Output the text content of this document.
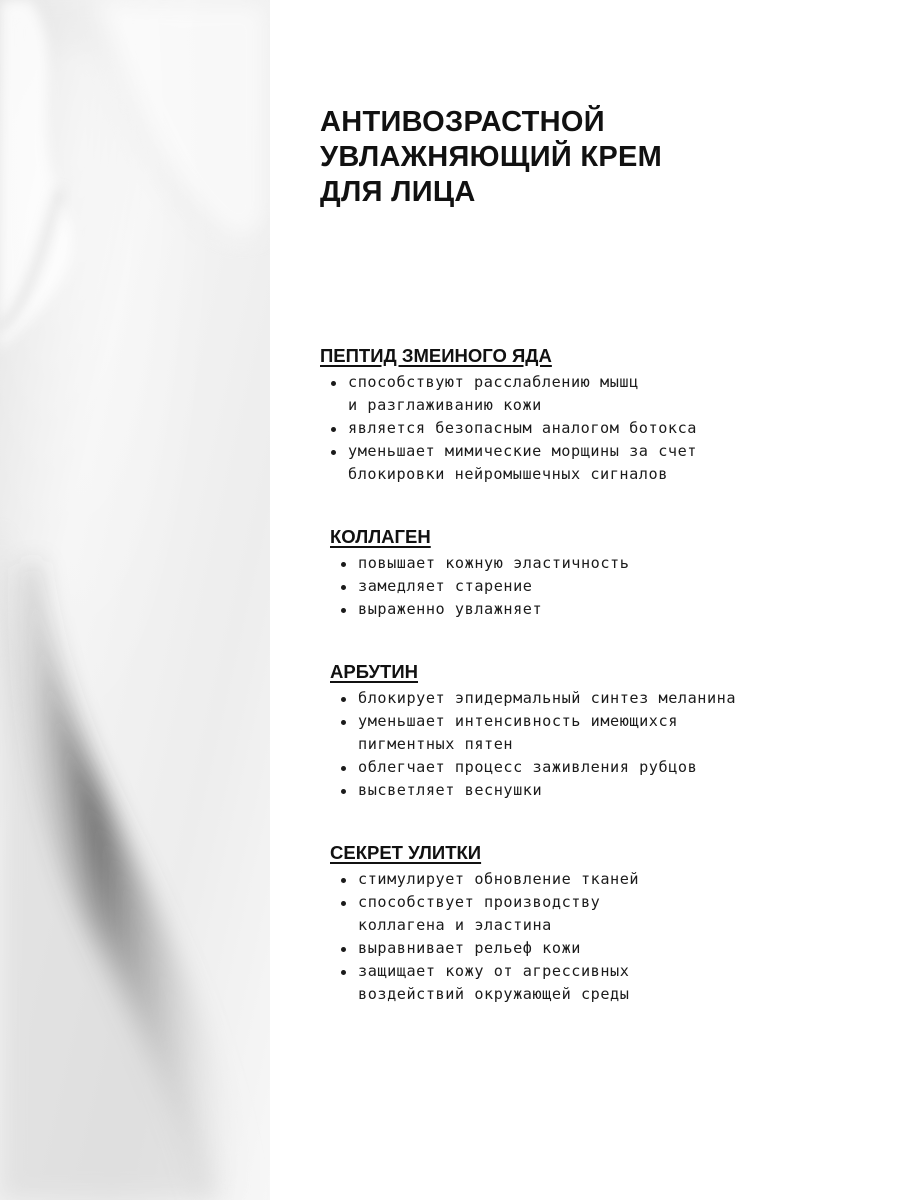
АНТИВОЗРАСТНОЙ
УВЛАЖНЯЮЩИЙ КРЕМ
ДЛЯ ЛИЦА
ПЕПТИД ЗМЕИНОГО ЯДА
способствуют расслаблению мышц
и разглаживанию кожи
является безопасным аналогом ботокса
уменьшает мимические морщины за счет
блокировки нейромышечных сигналов
КОЛЛАГЕН
повышает кожную эластичность
замедляет старение
выраженно увлажняет
АРБУТИН
блокирует эпидермальный синтез меланина
уменьшает интенсивность имеющихся
пигментных пятен
облегчает процесс заживления рубцов
высветляет веснушки
СЕКРЕТ УЛИТКИ
стимулирует обновление тканей
способствует производству
коллагена и эластина
выравнивает рельеф кожи
защищает кожу от агрессивных
воздействий окружающей среды
